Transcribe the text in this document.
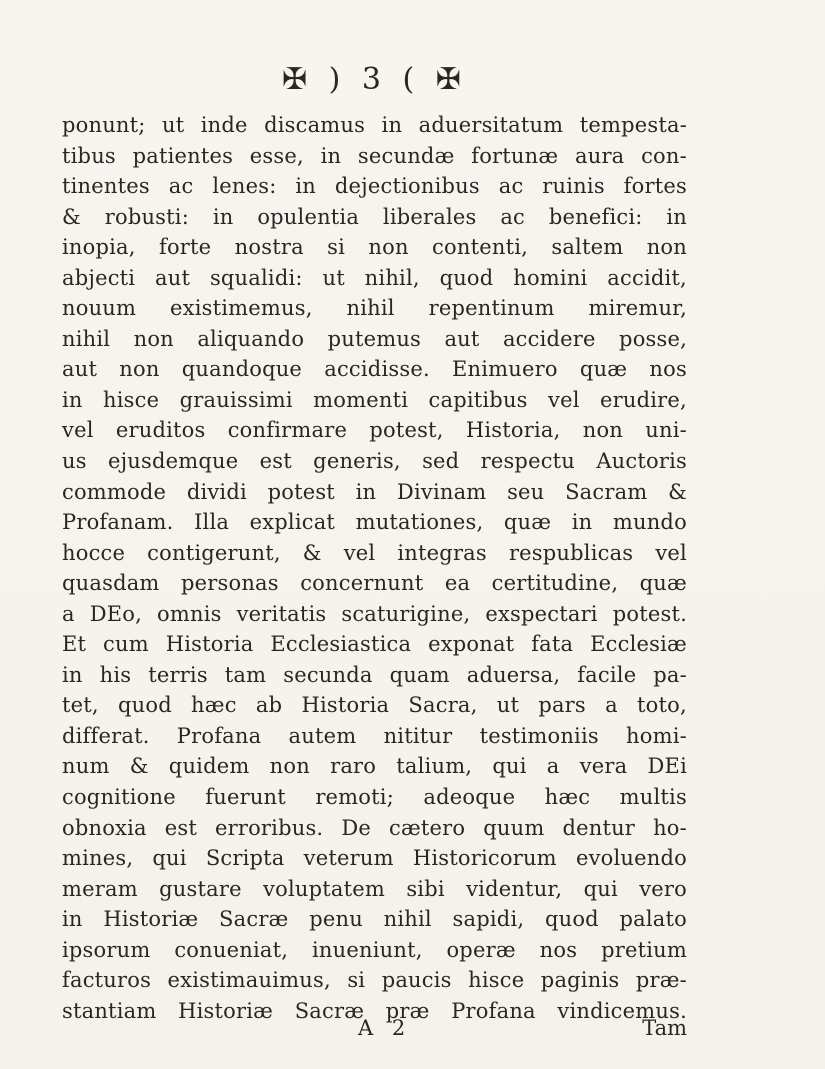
✠ ) 3 ( ✠
ponunt; ut inde discamus in aduersitatum tempesta-
tibus patientes esse, in secundæ fortunæ aura con-
tinentes ac lenes: in dejectionibus ac ruinis fortes
& robusti: in opulentia liberales ac benefici: in
inopia, forte nostra si non contenti, saltem non
abjecti aut squalidi: ut nihil, quod homini accidit,
nouum existimemus, nihil repentinum miremur,
nihil non aliquando putemus aut accidere posse,
aut non quandoque accidisse. Enimuero quæ nos
in hisce grauissimi momenti capitibus vel erudire,
vel eruditos confirmare potest, Historia, non uni-
us ejusdemque est generis, sed respectu Auctoris
commode dividi potest in Divinam seu Sacram &
Profanam. Illa explicat mutationes, quæ in mundo
hocce contigerunt, & vel integras respublicas vel
quasdam personas concernunt ea certitudine, quæ
a DEo, omnis veritatis scaturigine, exspectari potest.
Et cum Historia Ecclesiastica exponat fata Ecclesiæ
in his terris tam secunda quam aduersa, facile pa-
tet, quod hæc ab Historia Sacra, ut pars a toto,
differat. Profana autem nititur testimoniis homi-
num & quidem non raro talium, qui a vera DEi
cognitione fuerunt remoti; adeoque hæc multis
obnoxia est erroribus. De cætero quum dentur ho-
mines, qui Scripta veterum Historicorum evoluendo
meram gustare voluptatem sibi videntur, qui vero
in Historiæ Sacræ penu nihil sapidi, quod palato
ipsorum conueniat, inueniunt, operæ nos pretium
facturos existimauimus, si paucis hisce paginis præ-
stantiam Historiæ Sacræ præ Profana vindicemus.
A 2	Tam
